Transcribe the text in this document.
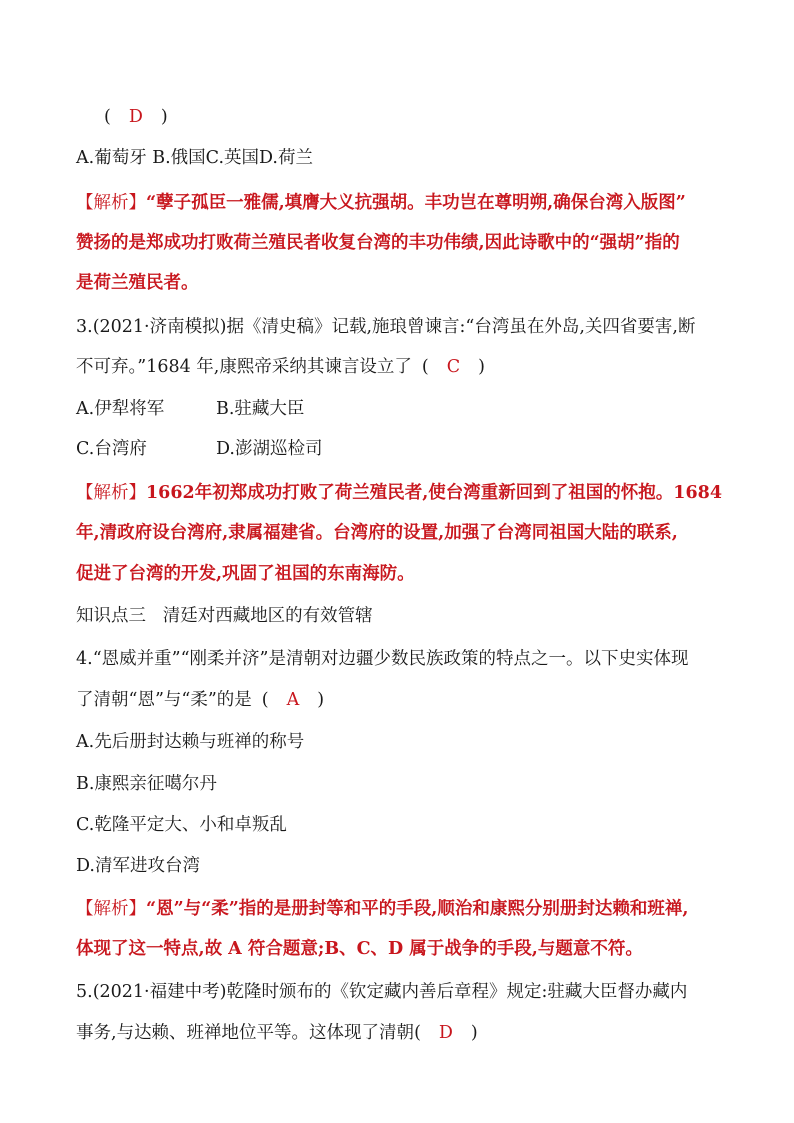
( D )
A.葡萄牙 B.俄国C.英国D.荷兰
【解析】“孽子孤臣一雅儒,填膺大义抗强胡。丰功岂在尊明朔,确保台湾入版图”
赞扬的是郑成功打败荷兰殖民者收复台湾的丰功伟绩,因此诗歌中的“强胡”指的
是荷兰殖民者。
3.(2021·济南模拟)据《清史稿》记载,施琅曾谏言:“台湾虽在外岛,关四省要害,断
不可弃。”1684 年,康熙帝采纳其谏言设立了 ( C )
A.伊犁将军	B.驻藏大臣
C.台湾府	D.澎湖巡检司
【解析】1662年初郑成功打败了荷兰殖民者,使台湾重新回到了祖国的怀抱。1684
年,清政府设台湾府,隶属福建省。台湾府的设置,加强了台湾同祖国大陆的联系,
促进了台湾的开发,巩固了祖国的东南海防。
知识点三   清廷对西藏地区的有效管辖
4.“恩威并重”“刚柔并济”是清朝对边疆少数民族政策的特点之一。以下史实体现
了清朝“恩”与“柔”的是 ( A )
A.先后册封达赖与班禅的称号
B.康熙亲征噶尔丹
C.乾隆平定大、小和卓叛乱
D.清军进攻台湾
【解析】“恩”与“柔”指的是册封等和平的手段,顺治和康熙分别册封达赖和班禅,
体现了这一特点,故 A 符合题意;B、C、D 属于战争的手段,与题意不符。
5.(2021·福建中考)乾隆时颁布的《钦定藏内善后章程》规定:驻藏大臣督办藏内
事务,与达赖、班禅地位平等。这体现了清朝( D )
